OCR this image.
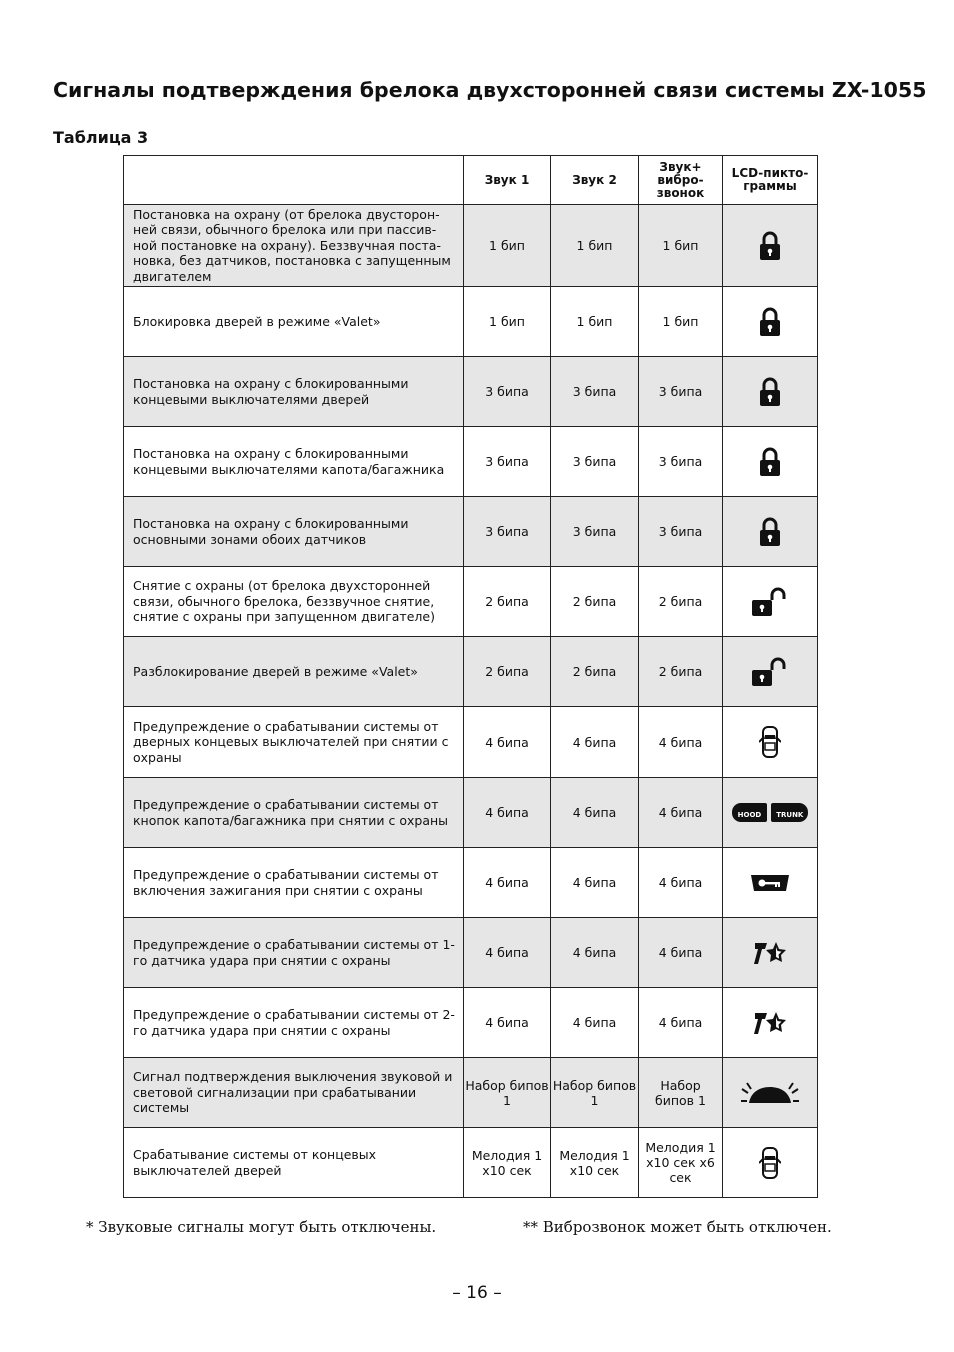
Сигналы подтверждения брелока двухсторонней связи системы ZX-1055
Таблица 3
	Звук 1	Звук 2	Звук+ вибро- звонок	LCD-пикто- граммы
Постановка на охрану (от брелока двусторон- ней связи, обычного брелока или при пассив- ной постановке на охрану). Беззвучная поста- новка, без датчиков, постановка с запущенным двигателем	1 бип	1 бип	1 бип	
Блокировка дверей в режиме «Valet»	1 бип	1 бип	1 бип	
Постановка на охрану с блокированными концевыми выключателями дверей	3 бипа	3 бипа	3 бипа	
Постановка на охрану с блокированными концевыми выключателями капота/багажника	3 бипа	3 бипа	3 бипа	
Постановка на охрану с блокированными основными зонами обоих датчиков	3 бипа	3 бипа	3 бипа	
Снятие с охраны (от брелока двухсторонней связи, обычного брелока, беззвучное снятие, снятие с охраны при запущенном двигателе)	2 бипа	2 бипа	2 бипа	
Разблокирование дверей в режиме «Valet»	2 бипа	2 бипа	2 бипа	
Предупреждение о срабатывании системы от дверных концевых выключателей при снятии с охраны	4 бипа	4 бипа	4 бипа	
Предупреждение о срабатывании системы от кнопок капота/багажника при снятии с охраны	4 бипа	4 бипа	4 бипа	HOOD TRUNK
Предупреждение о срабатывании системы от включения зажигания при снятии с охраны	4 бипа	4 бипа	4 бипа	
Предупреждение о срабатывании системы от 1-го датчика удара при снятии с охраны	4 бипа	4 бипа	4 бипа	
Предупреждение о срабатывании системы от 2-го датчика удара при снятии с охраны	4 бипа	4 бипа	4 бипа	
Сигнал подтверждения выключения звуковой и световой сигнализации при срабатывании системы	Набор бипов 1	Набор бипов 1	Набор бипов 1	
Срабатывание системы от концевых выключателей дверей	Мелодия 1 х10 сек	Мелодия 1 х10 сек	Мелодия 1 х10 сек х6 сек	
* Звуковые сигналы могут быть отключены.	** Виброзвонок может быть отключен.
– 16 –
